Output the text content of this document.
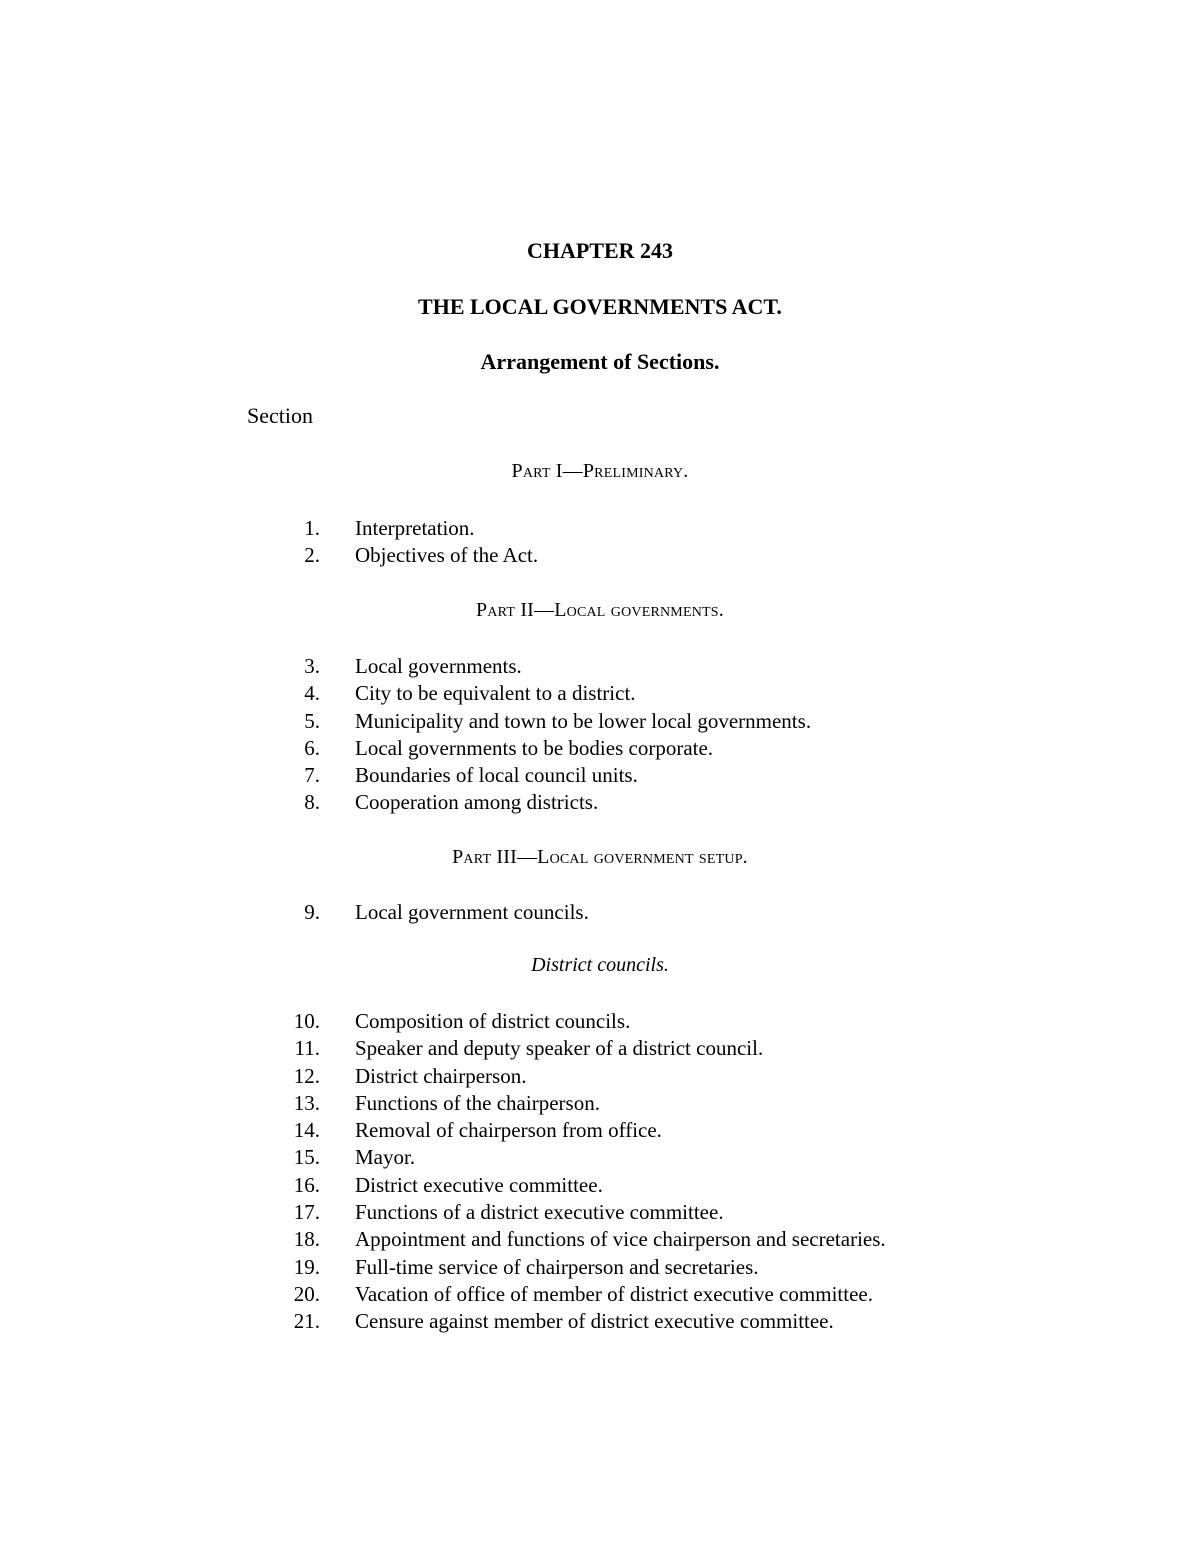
CHAPTER 243
THE LOCAL GOVERNMENTS ACT.
Arrangement of Sections.
Section
Part I—Preliminary.
1. Interpretation.
2. Objectives of the Act.
Part II—Local governments.
3. Local governments.
4. City to be equivalent to a district.
5. Municipality and town to be lower local governments.
6. Local governments to be bodies corporate.
7. Boundaries of local council units.
8. Cooperation among districts.
Part III—Local government setup.
9. Local government councils.
District councils.
10. Composition of district councils.
11. Speaker and deputy speaker of a district council.
12. District chairperson.
13. Functions of the chairperson.
14. Removal of chairperson from office.
15. Mayor.
16. District executive committee.
17. Functions of a district executive committee.
18. Appointment and functions of vice chairperson and secretaries.
19. Full-time service of chairperson and secretaries.
20. Vacation of office of member of district executive committee.
21. Censure against member of district executive committee.
